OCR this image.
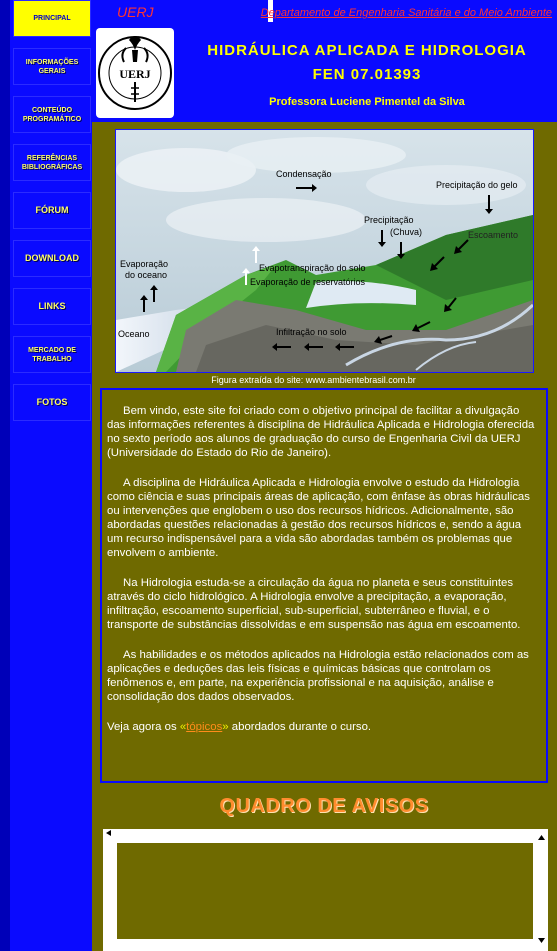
PRINCIPAL
INFORMAÇÕES GERAIS
CONTEÚDO PROGRAMÁTICO
REFERÊNCIAS BIBLIOGRÁFICAS
FÓRUM
DOWNLOAD
LINKS
MERCADO DE TRABALHO
FOTOS
UERJ	Departamento de Engenharia Sanitária e do Meio Ambiente
UERJ
HIDRÁULICA APLICADA E HIDROLOGIA
FEN 07.01393
Professora Luciene Pimentel da Silva
Condensação
Precipitação do gelo
Precipitação
(Chuva)	Escoamento
Evaporação
do oceano
Evapotranspiração do solo
Evaporação de reservatórios
Oceano	Infiltração no solo
Figura extraída do site: www.ambientebrasil.com.br

Bem vindo, este site foi criado com o objetivo principal de facilitar a divulgação das informações referentes à disciplina de Hidráulica Aplicada e Hidrologia oferecida no sexto período aos alunos de graduação do curso de Engenharia Civil da UERJ (Universidade do Estado do Rio de Janeiro).

A disciplina de Hidráulica Aplicada e Hidrologia envolve o estudo da Hidrologia como ciência e suas principais áreas de aplicação, com ênfase às obras hidráulicas ou intervenções que englobem o uso dos recursos hídricos. Adicionalmente, são abordadas questões relacionadas à gestão dos recursos hídricos e, sendo a água um recurso indispensável para a vida são abordadas também os problemas que envolvem o ambiente.

Na Hidrologia estuda-se a circulação da água no planeta e seus constituintes através do ciclo hidrológico. A Hidrologia envolve a precipitação, a evaporação, infiltração, escoamento superficial, sub-superficial, subterrâneo e fluvial, e o transporte de substâncias dissolvidas e em suspensão nas água em escoamento.

As habilidades e os métodos aplicados na Hidrologia estão relacionados com as aplicações e deduções das leis físicas e químicas básicas que controlam os fenômenos e, em parte, na experiência profissional e na aquisição, análise e consolidação dos dados observados.

Veja agora os «tópicos» abordados durante o curso.

QUADRO DE AVISOS
